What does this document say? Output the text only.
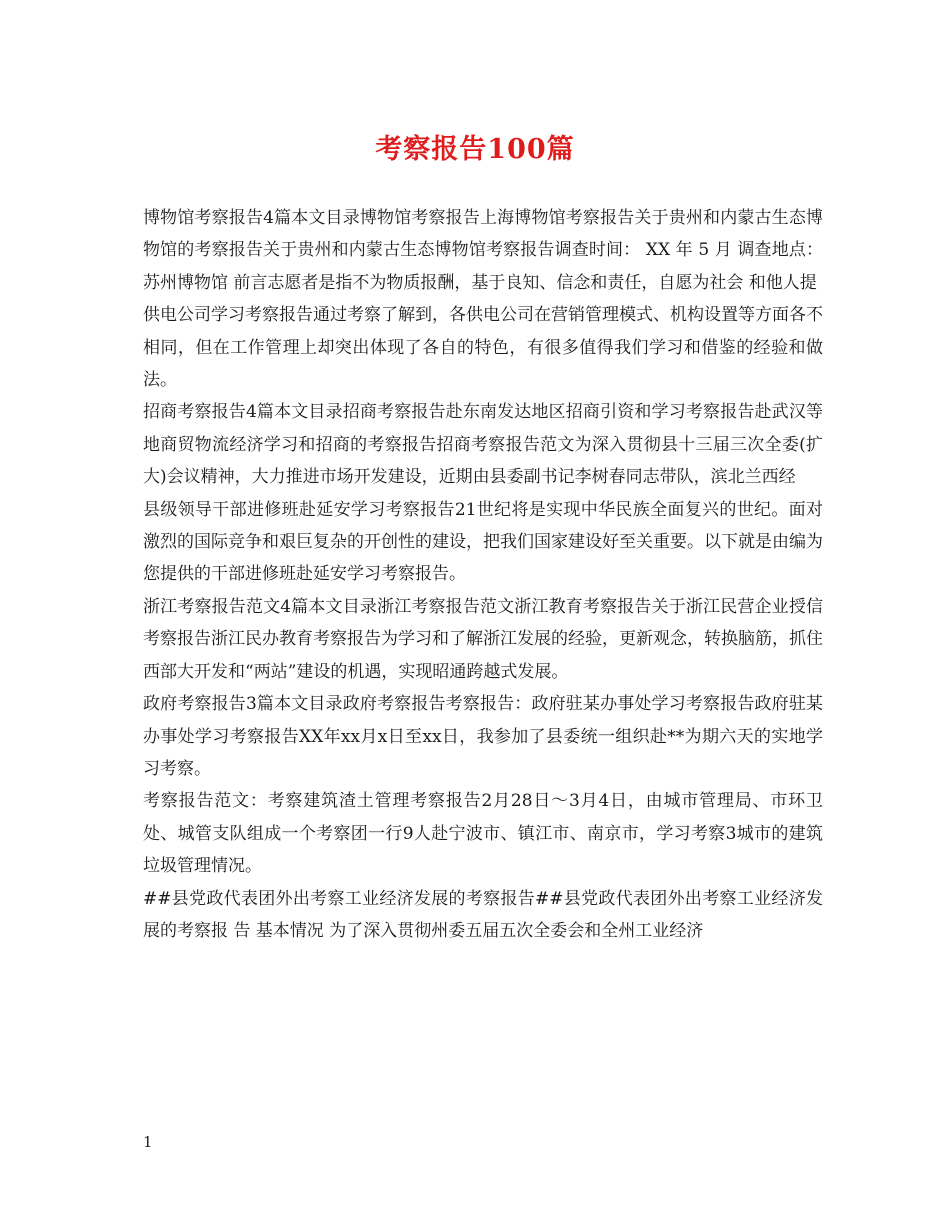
考察报告100篇

博物馆考察报告4篇本文目录博物馆考察报告上海博物馆考察报告关于贵州和内蒙古生态博物馆的考察报告关于贵州和内蒙古生态博物馆考察报告调查时间： XX 年 5 月 调查地点：苏州博物馆 前言志愿者是指不为物质报酬，基于良知、信念和责任，自愿为社会 和他人提

供电公司学习考察报告通过考察了解到，各供电公司在营销管理模式、机构设置等方面各不相同，但在工作管理上却突出体现了各自的特色，有很多值得我们学习和借鉴的经验和做法。

招商考察报告4篇本文目录招商考察报告赴东南发达地区招商引资和学习考察报告赴武汉等地商贸物流经济学习和招商的考察报告招商考察报告范文为深入贯彻县十三届三次全委(扩大)会议精神，大力推进市场开发建设，近期由县委副书记李树春同志带队，滨北兰西经

县级领导干部进修班赴延安学习考察报告21世纪将是实现中华民族全面复兴的世纪。面对激烈的国际竞争和艰巨复杂的开创性的建设，把我们国家建设好至关重要。以下就是由编为您提供的干部进修班赴延安学习考察报告。

浙江考察报告范文4篇本文目录浙江考察报告范文浙江教育考察报告关于浙江民营企业授信考察报告浙江民办教育考察报告为学习和了解浙江发展的经验，更新观念，转换脑筋，抓住西部大开发和“两站”建设的机遇，实现昭通跨越式发展。

政府考察报告3篇本文目录政府考察报告考察报告：政府驻某办事处学习考察报告政府驻某办事处学习考察报告XX年xx月x日至xx日，我参加了县委统一组织赴**为期六天的实地学习考察。

考察报告范文：考察建筑渣土管理考察报告2月28日～3月4日，由城市管理局、市环卫处、城管支队组成一个考察团一行9人赴宁波市、镇江市、南京市，学习考察3城市的建筑垃圾管理情况。

##县党政代表团外出考察工业经济发展的考察报告##县党政代表团外出考察工业经济发展的考察报 告 基本情况 为了深入贯彻州委五届五次全委会和全州工业经济

1
